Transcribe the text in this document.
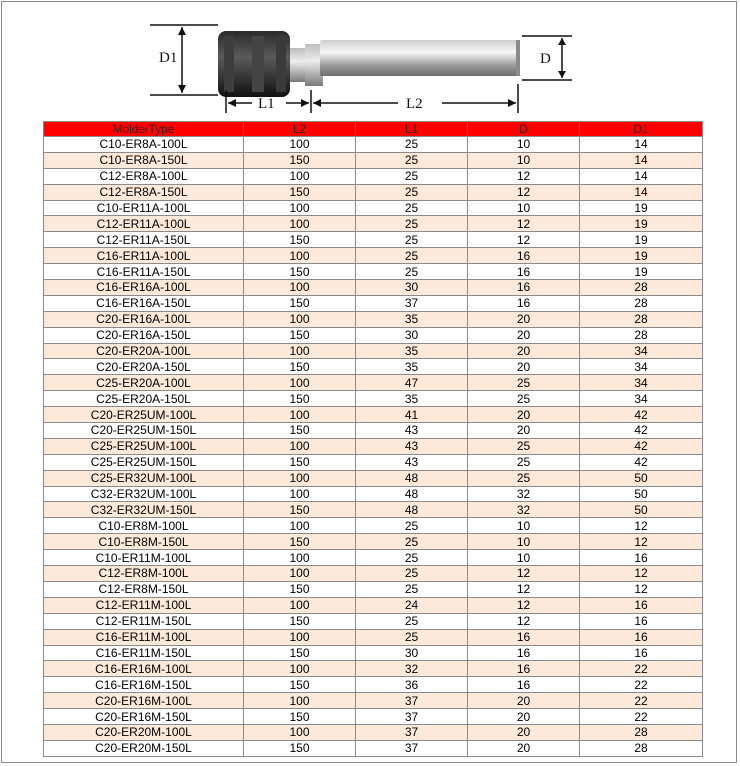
D1	D
L1	L2
Molde/Type	L2	L1	D	D1
C10-ER8A-100L	100	25	10	14
C10-ER8A-150L	150	25	10	14
C12-ER8A-100L	100	25	12	14
C12-ER8A-150L	150	25	12	14
C10-ER11A-100L	100	25	10	19
C12-ER11A-100L	100	25	12	19
C12-ER11A-150L	150	25	12	19
C16-ER11A-100L	100	25	16	19
C16-ER11A-150L	150	25	16	19
C16-ER16A-100L	100	30	16	28
C16-ER16A-150L	150	37	16	28
C20-ER16A-100L	100	35	20	28
C20-ER16A-150L	150	30	20	28
C20-ER20A-100L	100	35	20	34
C20-ER20A-150L	150	35	20	34
C25-ER20A-100L	100	47	25	34
C25-ER20A-150L	150	35	25	34
C20-ER25UM-100L	100	41	20	42
C20-ER25UM-150L	150	43	20	42
C25-ER25UM-100L	100	43	25	42
C25-ER25UM-150L	150	43	25	42
C25-ER32UM-100L	100	48	25	50
C32-ER32UM-100L	100	48	32	50
C32-ER32UM-150L	150	48	32	50
C10-ER8M-100L	100	25	10	12
C10-ER8M-150L	150	25	10	12
C10-ER11M-100L	100	25	10	16
C12-ER8M-100L	100	25	12	12
C12-ER8M-150L	150	25	12	12
C12-ER11M-100L	100	24	12	16
C12-ER11M-150L	150	25	12	16
C16-ER11M-100L	100	25	16	16
C16-ER11M-150L	150	30	16	16
C16-ER16M-100L	100	32	16	22
C16-ER16M-150L	150	36	16	22
C20-ER16M-100L	100	37	20	22
C20-ER16M-150L	150	37	20	22
C20-ER20M-100L	100	37	20	28
C20-ER20M-150L	150	37	20	28
